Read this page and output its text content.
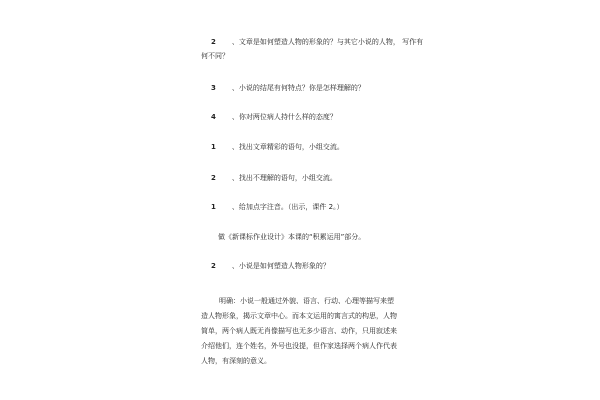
2 、文章是如何塑造人物的形象的？与其它小说的人物， 写作有
何不同？
3 、小说的结尾有何特点？你是怎样理解的？
4 、你对两位病人持什么样的态度？
1 、找出文章精彩的语句，小组交流。
2 、找出不理解的语句，小组交流。
1 、给加点字注音。（出示，课件 2。）
做《新课标作业设计》本课的“积累运用”部分。
2 、小说是如何塑造人物形象的？
明确：小说一般通过外貌、语言、行动、心理等描写来塑造人物形象，揭示文章中心。而本文运用的寓言式的构思，人物简单，两个病人既无肖像描写也无多少语言、动作，只用寂述来介绍他们，连个姓名，外号也没提，但作家选择两个病人作代表人物，有深刻的意义。
